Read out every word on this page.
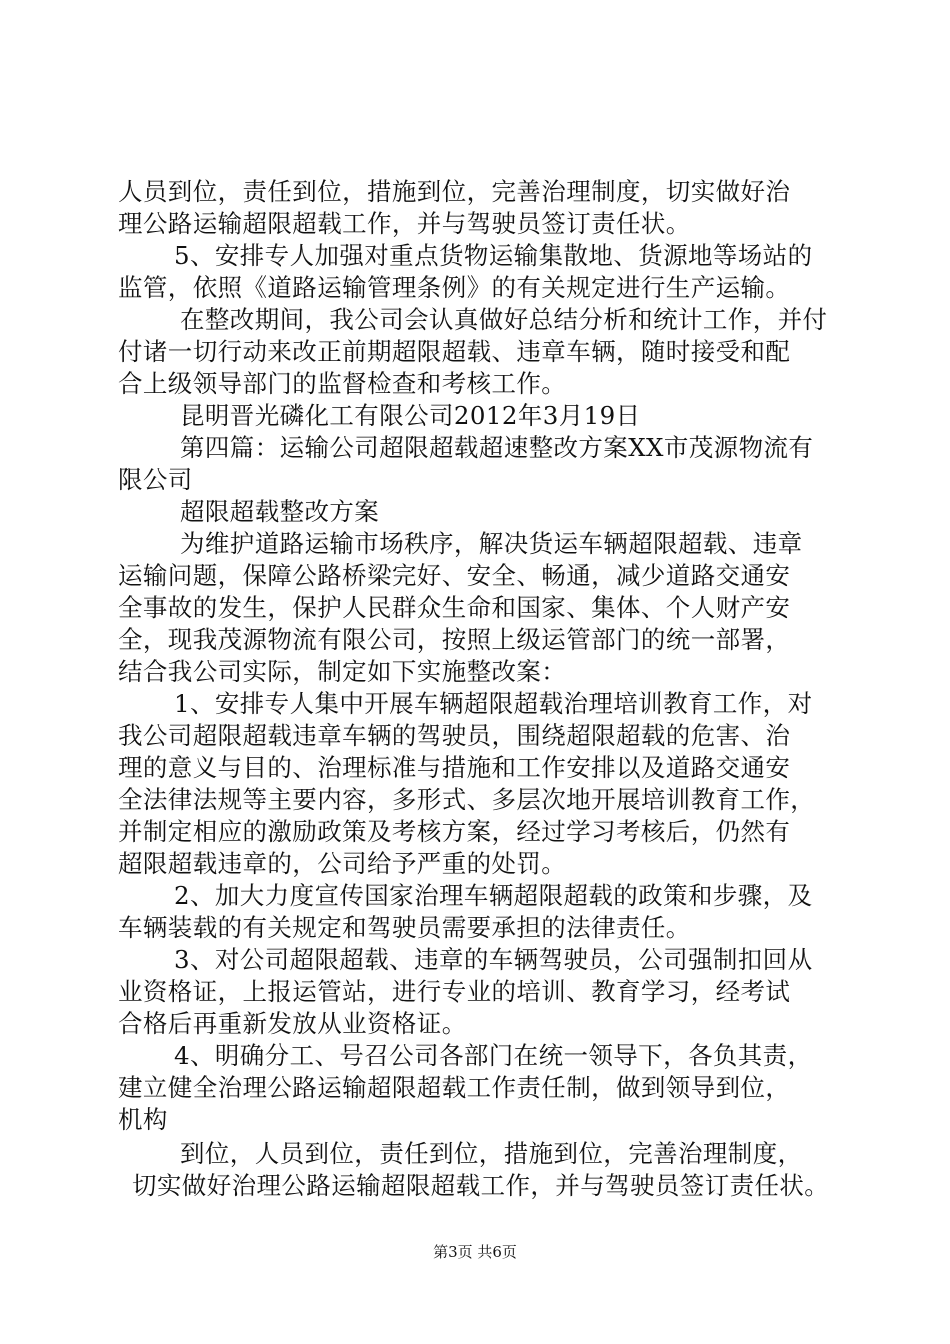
人员到位，责任到位，措施到位，完善治理制度，切实做好治
理公路运输超限超载工作，并与驾驶员签订责任状。
5、安排专人加强对重点货物运输集散地、货源地等场站的
监管，依照《道路运输管理条例》的有关规定进行生产运输。
在整改期间，我公司会认真做好总结分析和统计工作，并付
付诸一切行动来改正前期超限超载、违章车辆，随时接受和配
合上级领导部门的监督检查和考核工作。
昆明晋光磷化工有限公司2012年3月19日
第四篇：运输公司超限超载超速整改方案XX市茂源物流有
限公司
超限超载整改方案
为维护道路运输市场秩序，解决货运车辆超限超载、违章
运输问题，保障公路桥梁完好、安全、畅通，减少道路交通安
全事故的发生，保护人民群众生命和国家、集体、个人财产安
全，现我茂源物流有限公司，按照上级运管部门的统一部署，
结合我公司实际，制定如下实施整改案：
1、安排专人集中开展车辆超限超载治理培训教育工作，对
我公司超限超载违章车辆的驾驶员，围绕超限超载的危害、治
理的意义与目的、治理标准与措施和工作安排以及道路交通安
全法律法规等主要内容，多形式、多层次地开展培训教育工作，
并制定相应的激励政策及考核方案，经过学习考核后，仍然有
超限超载违章的，公司给予严重的处罚。
2、加大力度宣传国家治理车辆超限超载的政策和步骤，及
车辆装载的有关规定和驾驶员需要承担的法律责任。
3、对公司超限超载、违章的车辆驾驶员，公司强制扣回从
业资格证，上报运管站，进行专业的培训、教育学习，经考试
合格后再重新发放从业资格证。
4、明确分工、号召公司各部门在统一领导下，各负其责，
建立健全治理公路运输超限超载工作责任制，做到领导到位，
机构
到位，人员到位，责任到位，措施到位，完善治理制度，
切实做好治理公路运输超限超载工作，并与驾驶员签订责任状。
第3页 共6页
